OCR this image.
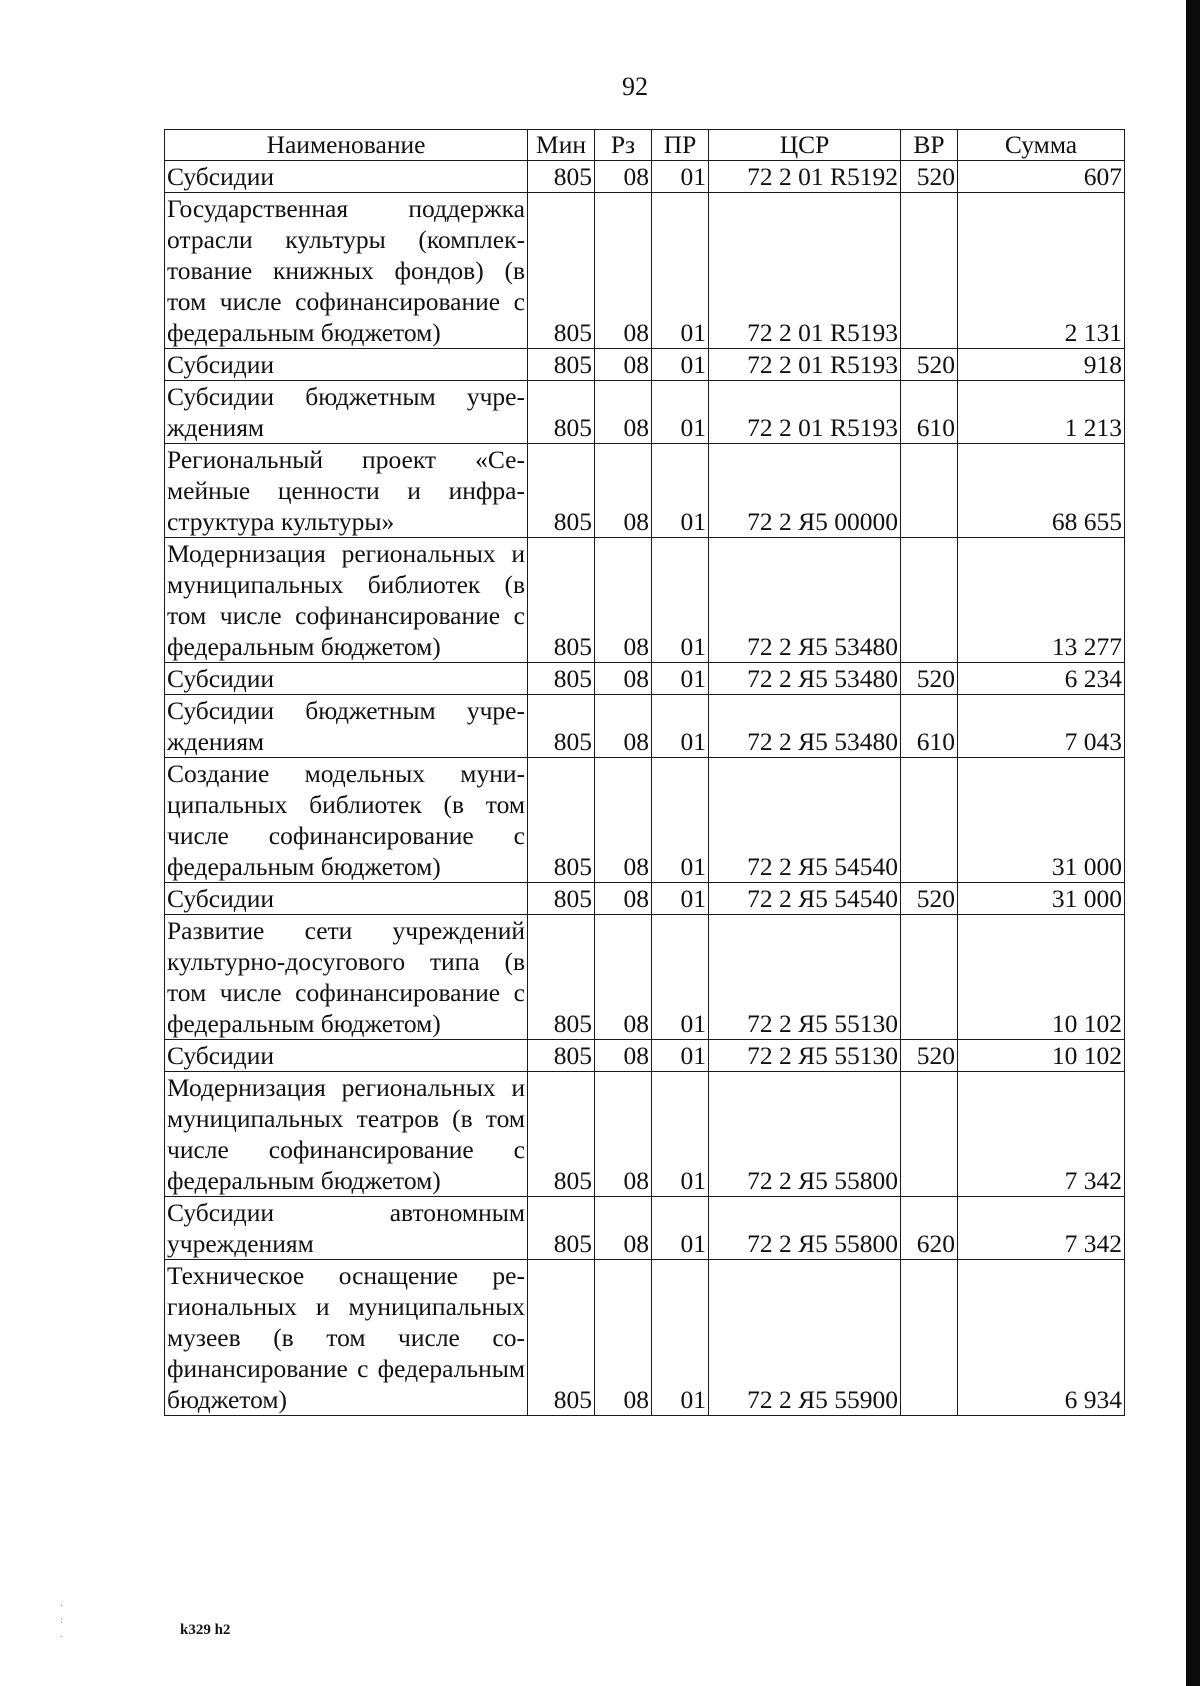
92
Наименование	Мин	Рз	ПР	ЦСР	ВР	Сумма
Субсидии	805	08	01	72 2 01 R5192	520	607
Государственная поддержка отрасли культуры (комплектование книжных фондов) (в том числе софинансирование с федеральным бюджетом)	805	08	01	72 2 01 R5193		2 131
Субсидии	805	08	01	72 2 01 R5193	520	918
Субсидии бюджетным учреждениям	805	08	01	72 2 01 R5193	610	1 213
Региональный проект «Семейные ценности и инфраструктура культуры»	805	08	01	72 2 Я5 00000		68 655
Модернизация региональных и муниципальных библиотек (в том числе софинансирование с федеральным бюджетом)	805	08	01	72 2 Я5 53480		13 277
Субсидии	805	08	01	72 2 Я5 53480	520	6 234
Субсидии бюджетным учреждениям	805	08	01	72 2 Я5 53480	610	7 043
Создание модельных муниципальных библиотек (в том числе софинансирование с федеральным бюджетом)	805	08	01	72 2 Я5 54540		31 000
Субсидии	805	08	01	72 2 Я5 54540	520	31 000
Развитие сети учреждений культурно-досугового типа (в том числе софинансирование с федеральным бюджетом)	805	08	01	72 2 Я5 55130		10 102
Субсидии	805	08	01	72 2 Я5 55130	520	10 102
Модернизация региональных и муниципальных театров (в том числе софинансирование с федеральным бюджетом)	805	08	01	72 2 Я5 55800		7 342
Субсидии автономным учреждениям	805	08	01	72 2 Я5 55800	620	7 342
Техническое оснащение региональных и муниципальных музеев (в том числе софинансирование с федеральным бюджетом)	805	08	01	72 2 Я5 55900		6 934
k329 h2
·
:
.
